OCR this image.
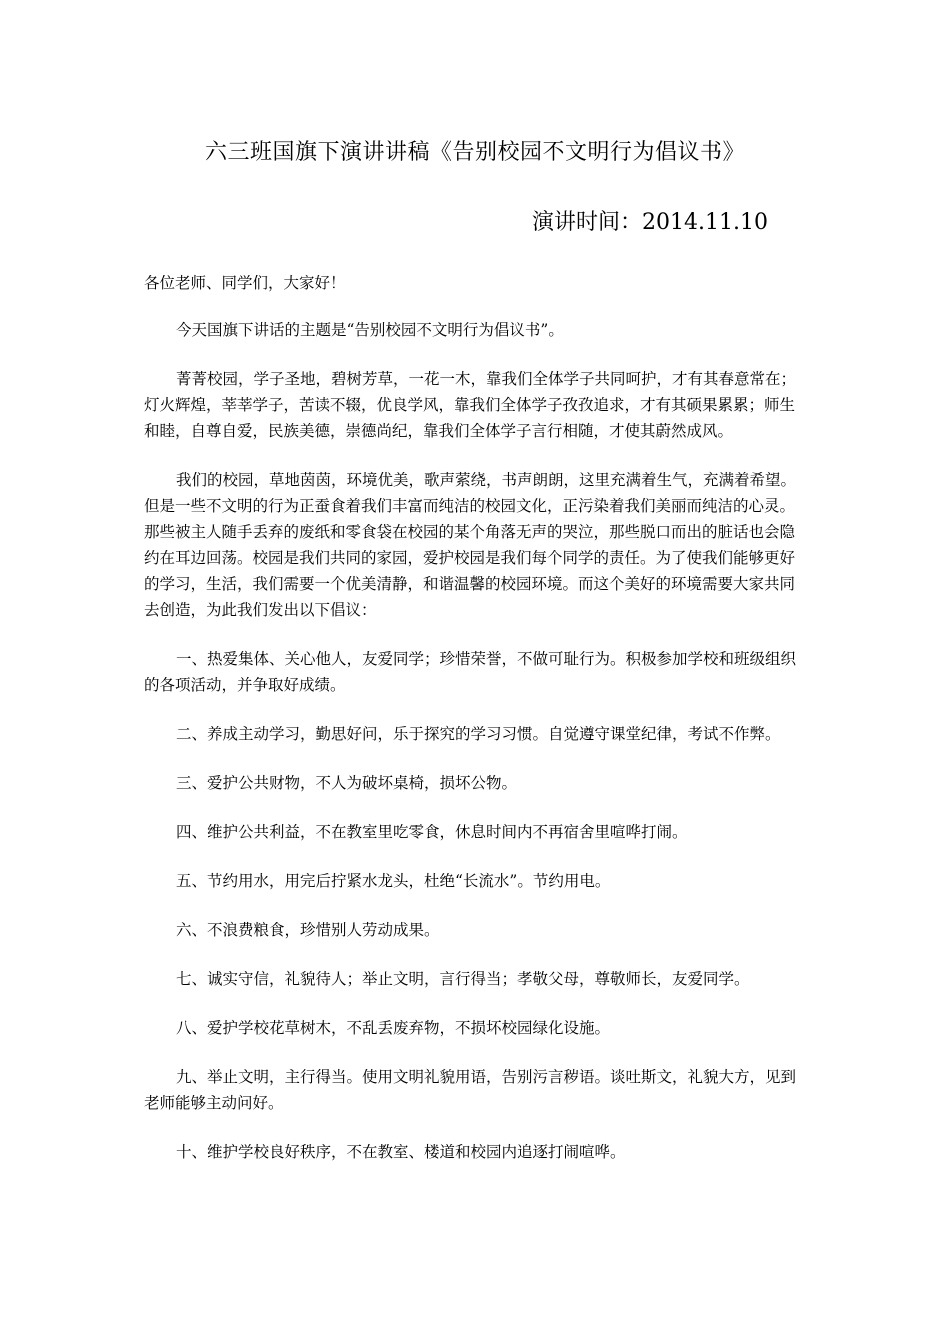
六三班国旗下演讲讲稿《告别校园不文明行为倡议书》
演讲时间：2014.11.10

各位老师、同学们，大家好！

今天国旗下讲话的主题是“告别校园不文明行为倡议书”。

菁菁校园，学子圣地，碧树芳草，一花一木，靠我们全体学子共同呵护，才有其春意常在；灯火辉煌，莘莘学子，苦读不辍，优良学风，靠我们全体学子孜孜追求，才有其硕果累累；师生和睦，自尊自爱，民族美德，崇德尚纪，靠我们全体学子言行相随，才使其蔚然成风。

我们的校园，草地茵茵，环境优美，歌声萦绕，书声朗朗，这里充满着生气，充满着希望。但是一些不文明的行为正蚕食着我们丰富而纯洁的校园文化，正污染着我们美丽而纯洁的心灵。那些被主人随手丢弃的废纸和零食袋在校园的某个角落无声的哭泣，那些脱口而出的脏话也会隐约在耳边回荡。校园是我们共同的家园，爱护校园是我们每个同学的责任。为了使我们能够更好的学习，生活，我们需要一个优美清静，和谐温馨的校园环境。而这个美好的环境需要大家共同去创造，为此我们发出以下倡议：

一、热爱集体、关心他人，友爱同学；珍惜荣誉，不做可耻行为。积极参加学校和班级组织的各项活动，并争取好成绩。

二、养成主动学习，勤思好问，乐于探究的学习习惯。自觉遵守课堂纪律，考试不作弊。

三、爱护公共财物，不人为破坏桌椅，损坏公物。

四、维护公共利益，不在教室里吃零食，休息时间内不再宿舍里喧哗打闹。

五、节约用水，用完后拧紧水龙头，杜绝“长流水”。节约用电。

六、不浪费粮食，珍惜别人劳动成果。

七、诚实守信，礼貌待人；举止文明，言行得当；孝敬父母，尊敬师长，友爱同学。

八、爱护学校花草树木，不乱丢废弃物，不损坏校园绿化设施。

九、举止文明，主行得当。使用文明礼貌用语，告别污言秽语。谈吐斯文，礼貌大方，见到老师能够主动问好。

十、维护学校良好秩序，不在教室、楼道和校园内追逐打闹喧哗。
